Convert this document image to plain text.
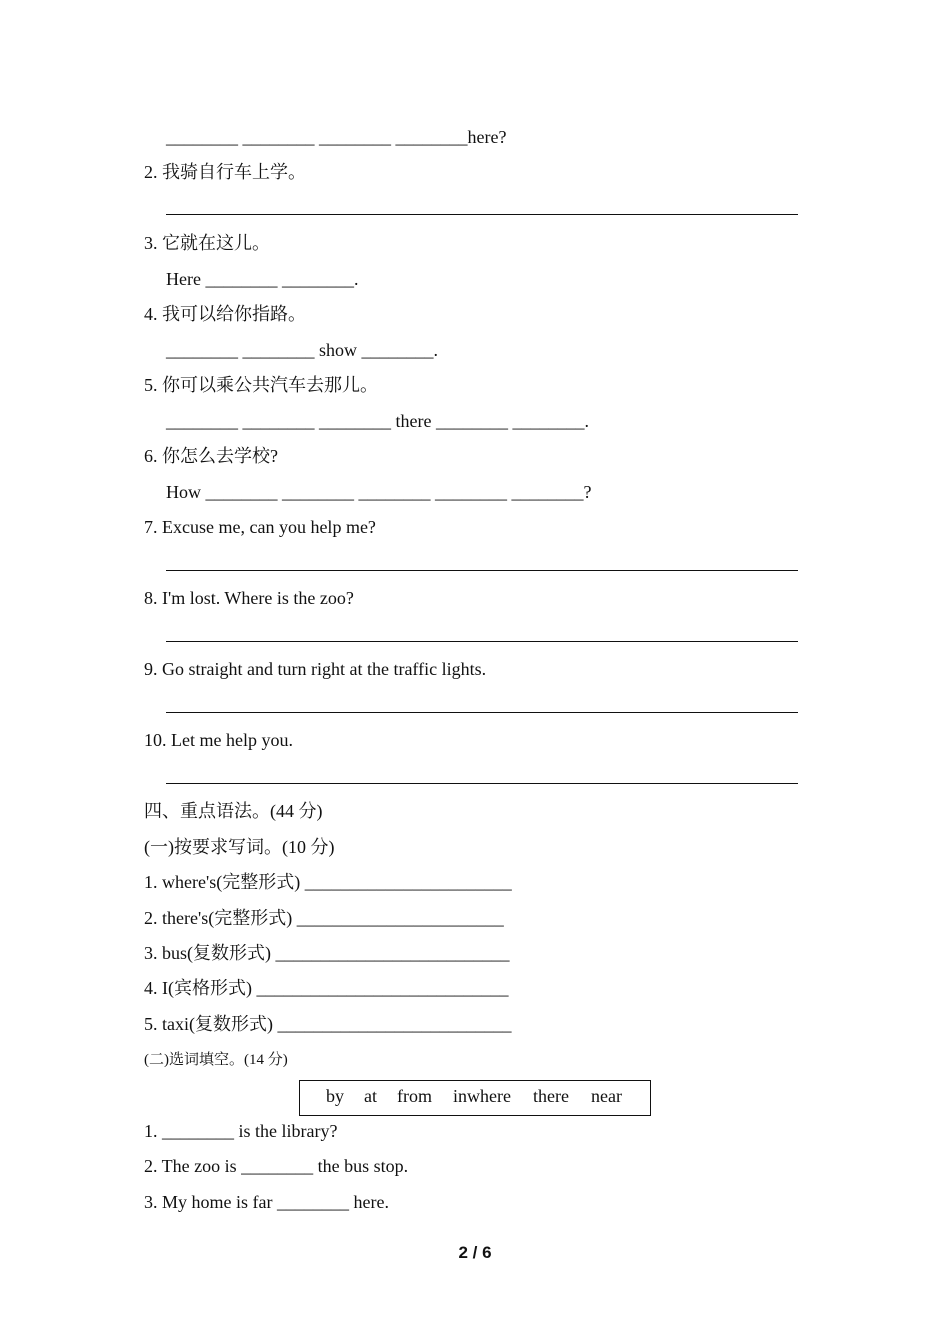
________ ________ ________ ________here?
2. 我骑自行车上学。
3. 它就在这儿。
Here ________ ________.
4. 我可以给你指路。
________ ________ show ________.
5. 你可以乘公共汽车去那儿。
________ ________ ________ there ________ ________.
6. 你怎么去学校?
How ________ ________ ________ ________ ________?
7. Excuse me, can you help me?
8. I'm lost. Where is the zoo?
9. Go straight and turn right at the traffic lights.
10. Let me help you.
四、重点语法。(44 分)
(一)按要求写词。(10 分)
1. where's(完整形式) _______________________
2. there's(完整形式) _______________________
3. bus(复数形式) __________________________
4. I(宾格形式) ____________________________
5. taxi(复数形式) __________________________
(二)选词填空。(14 分)
by at from inwhere there near
1. ________ is the library?
2. The zoo is ________ the bus stop.
3. My home is far ________ here.
2 / 6
